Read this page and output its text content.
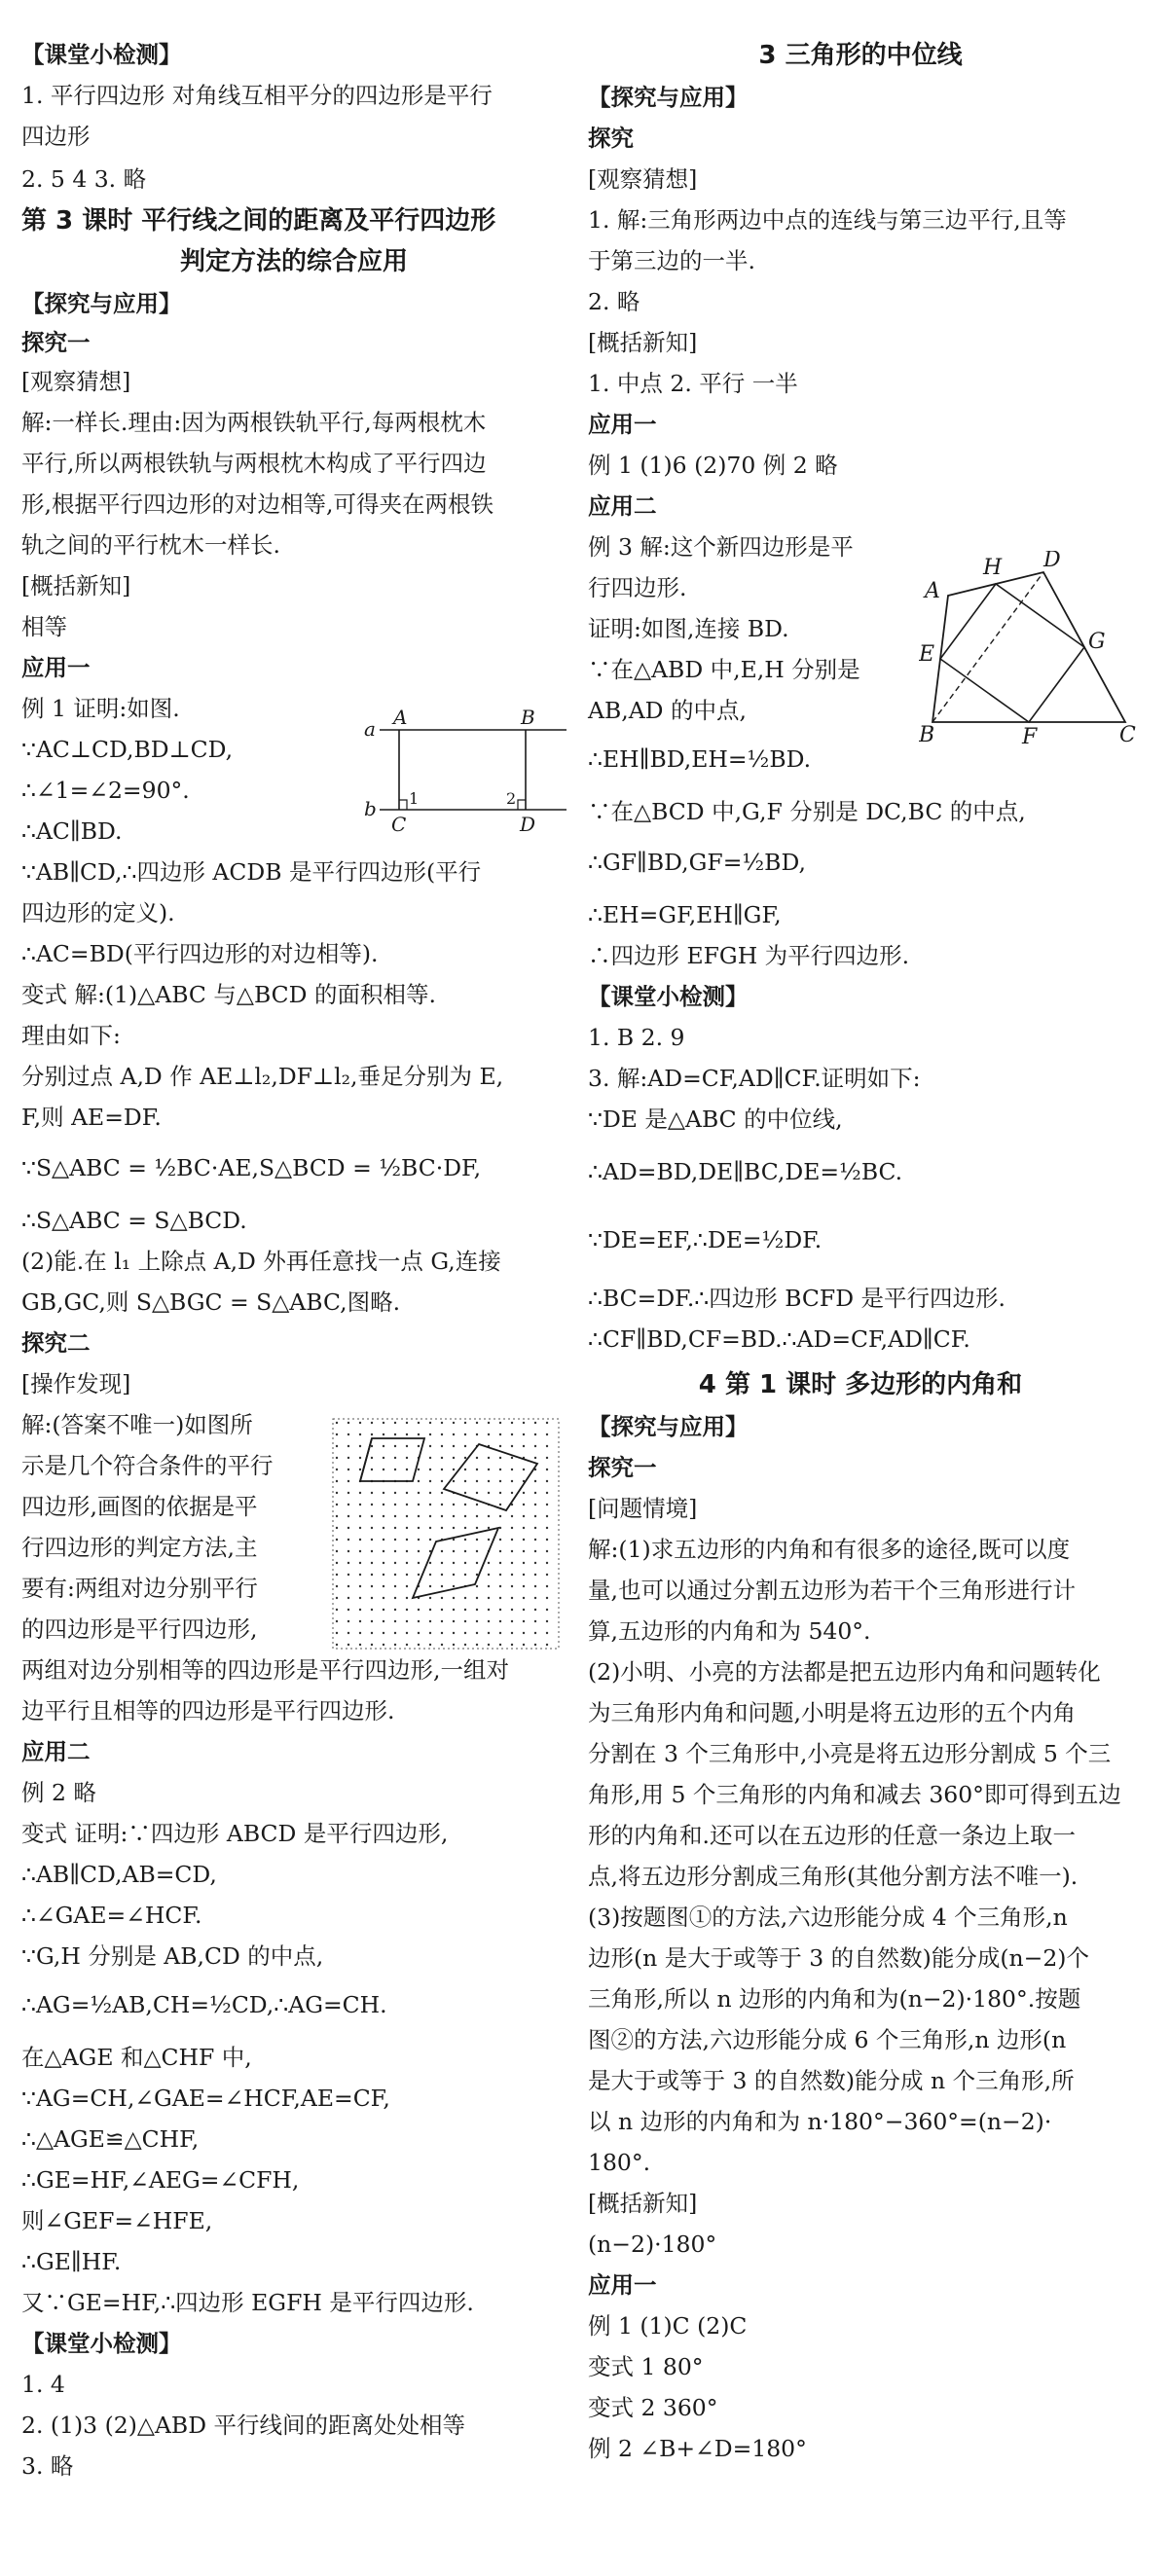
【课堂小检测】
1. 平行四边形 对角线互相平分的四边形是平行
四边形
2. 5 4 3. 略
第 3 课时 平行线之间的距离及平行四边形
判定方法的综合应用
【探究与应用】
探究一
[观察猜想]
解:一样长.理由:因为两根铁轨平行,每两根枕木
平行,所以两根铁轨与两根枕木构成了平行四边
形,根据平行四边形的对边相等,可得夹在两根铁
轨之间的平行枕木一样长.
[概括新知]
相等
应用一
例 1 证明:如图.
∵AC⊥CD,BD⊥CD,
∴∠1=∠2=90°.
∴AC∥BD.
∵AB∥CD,∴四边形 ACDB 是平行四边形(平行
四边形的定义).
∴AC=BD(平行四边形的对边相等).
变式 解:(1)△ABC 与△BCD 的面积相等.
理由如下:
分别过点 A,D 作 AE⊥l₂,DF⊥l₂,垂足分别为 E,
F,则 AE=DF.
∵S△ABC = ½BC·AE,S△BCD = ½BC·DF,
∴S△ABC = S△BCD.
(2)能.在 l₁ 上除点 A,D 外再任意找一点 G,连接
GB,GC,则 S△BGC = S△ABC,图略.
探究二
[操作发现]
解:(答案不唯一)如图所
示是几个符合条件的平行
四边形,画图的依据是平
行四边形的判定方法,主
要有:两组对边分别平行
的四边形是平行四边形,
两组对边分别相等的四边形是平行四边形,一组对
边平行且相等的四边形是平行四边形.
应用二
例 2 略
变式 证明:∵四边形 ABCD 是平行四边形,
∴AB∥CD,AB=CD,
∴∠GAE=∠HCF.
∵G,H 分别是 AB,CD 的中点,
∴AG=½AB,CH=½CD,∴AG=CH.
在△AGE 和△CHF 中,
∵AG=CH,∠GAE=∠HCF,AE=CF,
∴△AGE≌△CHF,
∴GE=HF,∠AEG=∠CFH,
则∠GEF=∠HFE,
∴GE∥HF.
又∵GE=HF,∴四边形 EGFH 是平行四边形.
【课堂小检测】
1. 4
2. (1)3 (2)△ABD 平行线间的距离处处相等
3. 略
3 三角形的中位线
【探究与应用】
探究
[观察猜想]
1. 解:三角形两边中点的连线与第三边平行,且等
于第三边的一半.
2. 略
[概括新知]
1. 中点 2. 平行 一半
应用一
例 1 (1)6 (2)70 例 2 略
应用二
例 3 解:这个新四边形是平
行四边形.
证明:如图,连接 BD.
∵在△ABD 中,E,H 分别是
AB,AD 的中点,
∴EH∥BD,EH=½BD.
∵在△BCD 中,G,F 分别是 DC,BC 的中点,
∴GF∥BD,GF=½BD,
∴EH=GF,EH∥GF,
∴四边形 EFGH 为平行四边形.
【课堂小检测】
1. B 2. 9
3. 解:AD=CF,AD∥CF.证明如下:
∵DE 是△ABC 的中位线,
∴AD=BD,DE∥BC,DE=½BC.
∵DE=EF,∴DE=½DF.
∴BC=DF.∴四边形 BCFD 是平行四边形.
∴CF∥BD,CF=BD.∴AD=CF,AD∥CF.
4 第 1 课时 多边形的内角和
【探究与应用】
探究一
[问题情境]
解:(1)求五边形的内角和有很多的途径,既可以度
量,也可以通过分割五边形为若干个三角形进行计
算,五边形的内角和为 540°.
(2)小明、小亮的方法都是把五边形内角和问题转化
为三角形内角和问题,小明是将五边形的五个内角
分割在 3 个三角形中,小亮是将五边形分割成 5 个三
角形,用 5 个三角形的内角和减去 360°即可得到五边
形的内角和.还可以在五边形的任意一条边上取一
点,将五边形分割成三角形(其他分割方法不唯一).
(3)按题图①的方法,六边形能分成 4 个三角形,n
边形(n 是大于或等于 3 的自然数)能分成(n−2)个
三角形,所以 n 边形的内角和为(n−2)·180°.按题
图②的方法,六边形能分成 6 个三角形,n 边形(n
是大于或等于 3 的自然数)能分成 n 个三角形,所
以 n 边形的内角和为 n·180°−360°=(n−2)·
180°.
[概括新知]
(n−2)·180°
应用一
例 1 (1)C (2)C
变式 1 80°
变式 2 360°
例 2 ∠B+∠D=180°
a
b
A	B
C	D
1	2
A
H D
E
G
B	F	C
